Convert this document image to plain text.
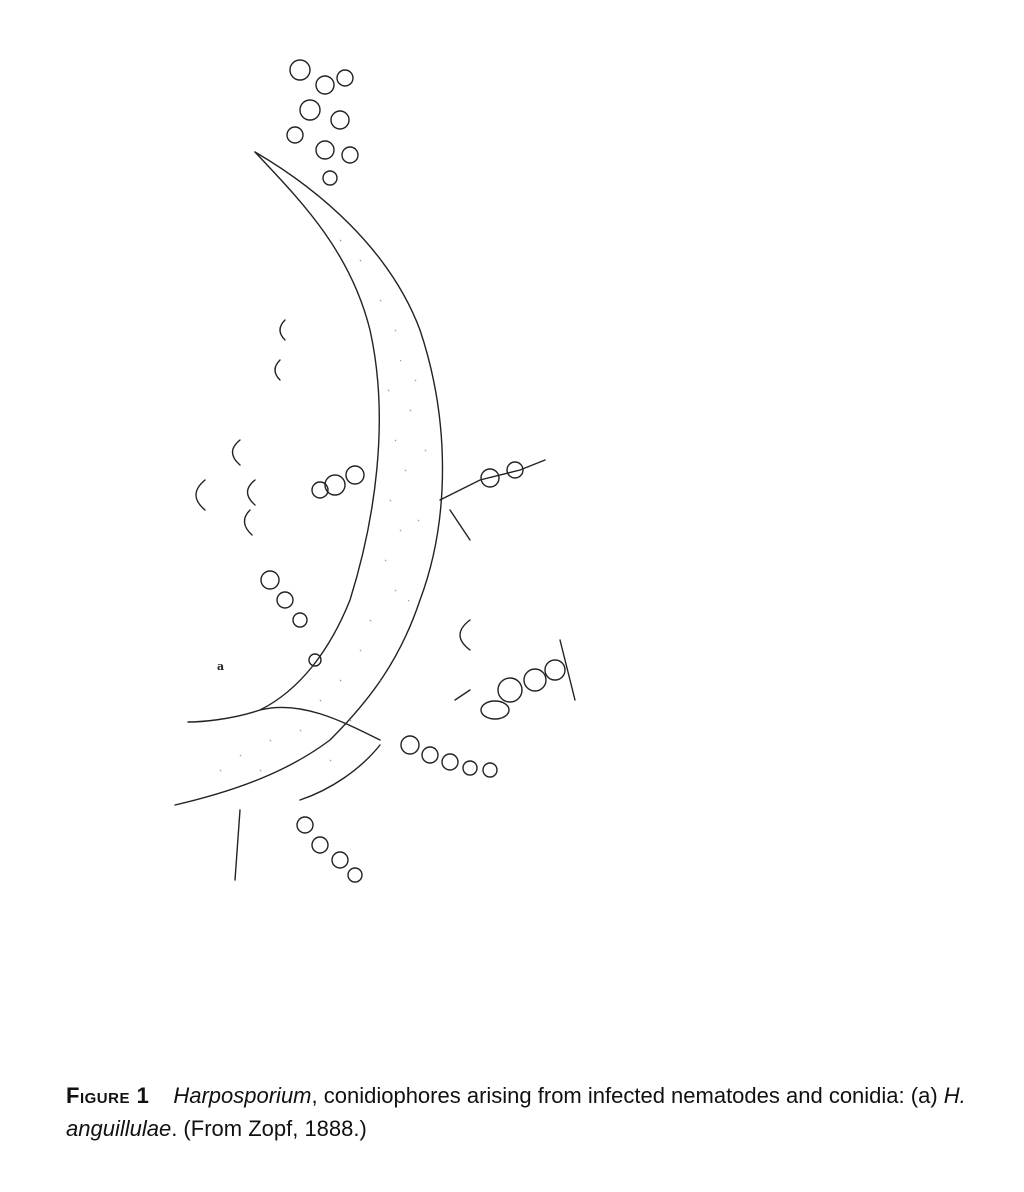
a
FIGURE 1 Harposporium, conidiophores arising from infected nematodes and conidia: (a) H. anguillulae. (From Zopf, 1888.)
